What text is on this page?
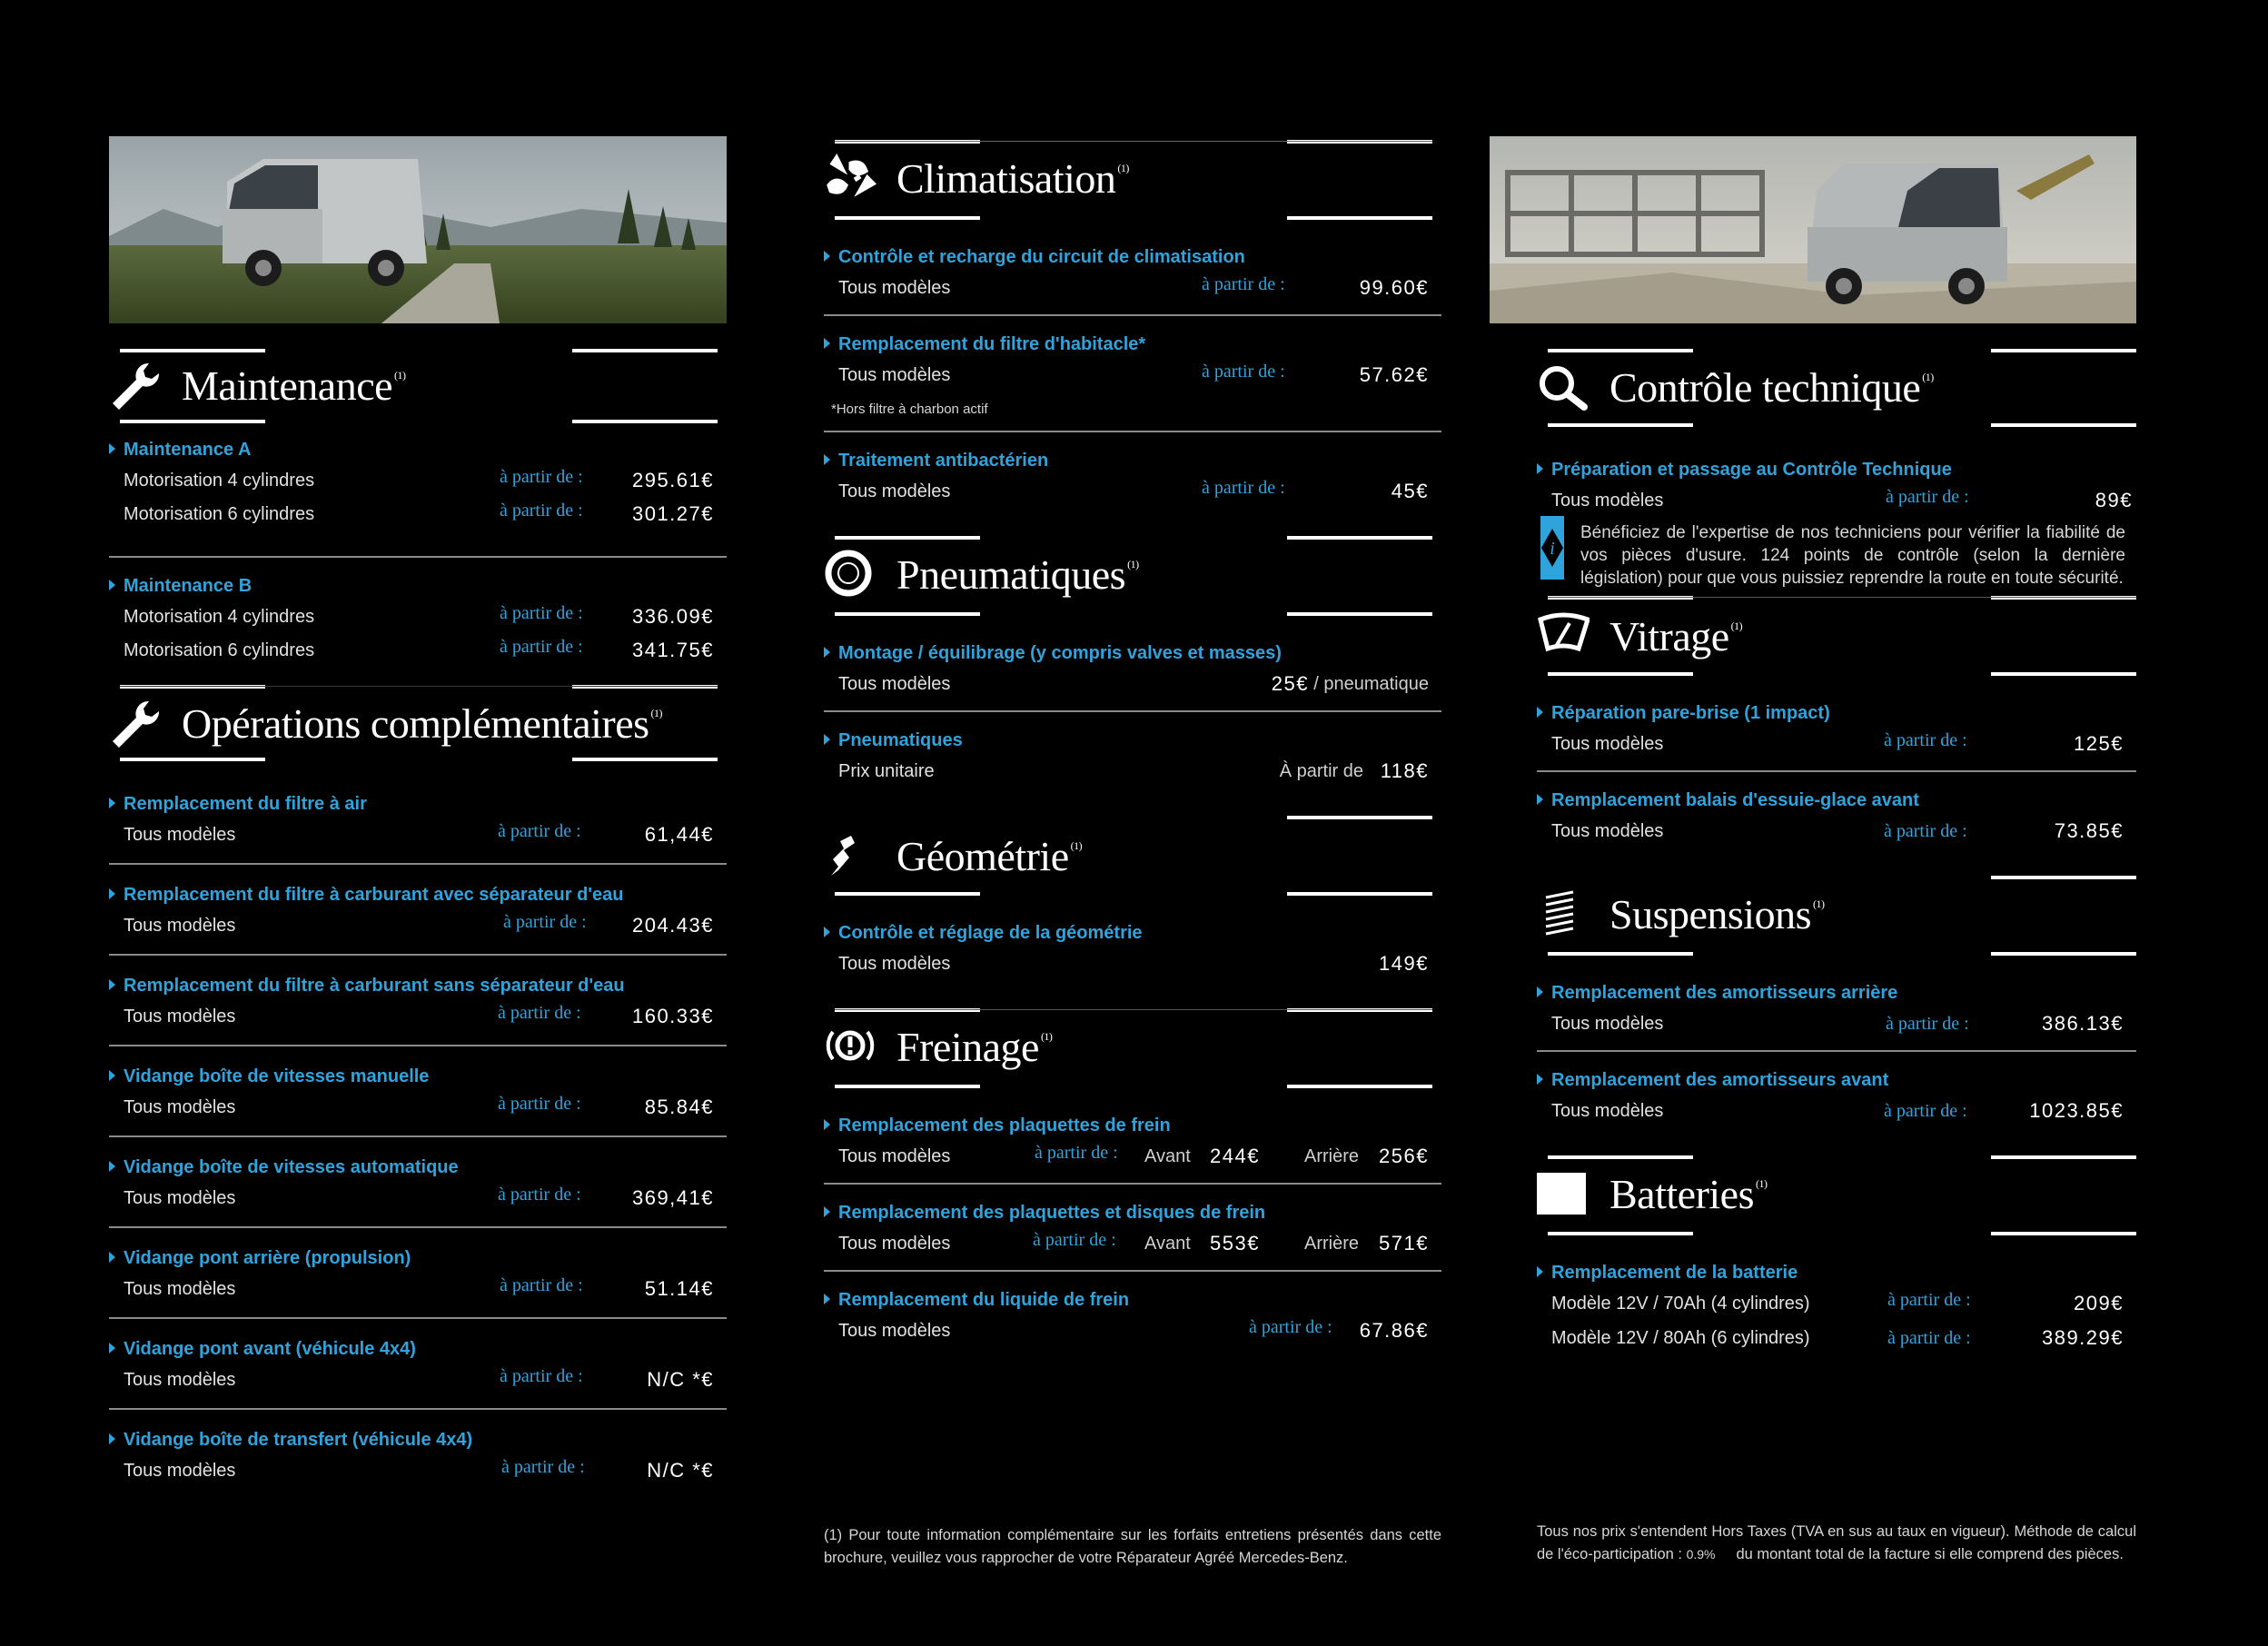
Maintenance $^{(1)}$
Maintenance A
Motorisation 4 cylindres	à partir de : 295.61€
Motorisation 6 cylindres	à partir de : 301.27€
Maintenance B
Motorisation 4 cylindres	à partir de : 336.09€
Motorisation 6 cylindres	à partir de : 341.75€
Opérations complémentaires $^{(1)}$
Remplacement du filtre à air
Tous modèles	à partir de :	61,44€
Remplacement du filtre à carburant avec séparateur d'eau
Tous modèles	à partir de : 204.43€
Remplacement du filtre à carburant sans séparateur d'eau
Tous modèles	à partir de :	160.33€
Vidange boîte de vitesses manuelle
Tous modèles	à partir de :	85.84€
Vidange boîte de vitesses automatique
Tous modèles	à partir de :	369,41€
Vidange pont arrière (propulsion)
Tous modèles	à partir de :	51.14€
Vidange pont avant (véhicule 4x4)
Tous modèles	à partir de :	N/C *€
Vidange boîte de transfert (véhicule 4x4)
Tous modèles	à partir de :	N/C *€
Climatisation $^{(1)}$
Contrôle et recharge du circuit de climatisation
Tous modèles	à partir de :	99.60€
Remplacement du filtre d'habitacle*
Tous modèles	à partir de :	57.62€
*Hors filtre à charbon actif
Traitement antibactérien
Tous modèles	à partir de :	45€
Pneumatiques $^{(1)}$
Montage / équilibrage (y compris valves et masses)
Tous modèles	25€ / pneumatique
Pneumatiques
Prix unitaire	À partir de 118€
Géométrie $^{(1)}$
Contrôle et réglage de la géométrie
Tous modèles	149€
Freinage $^{(1)}$
Remplacement des plaquettes de frein
Tous modèles	à partir de : Avant 244€ Arrière 256€
Remplacement des plaquettes et disques de frein
Tous modèles	à partir de : Avant 553€ Arrière 571€
Remplacement du liquide de frein
Tous modèles	à partir de : 67.86€
(1) Pour toute information complémentaire sur les forfaits entretiens présentés dans cette brochure, veuillez vous rapprocher de votre Réparateur Agréé Mercedes-Benz.
Contrôle technique $^{(1)}$
Préparation et passage au Contrôle Technique
Tous modèles	à partir de :	89€
i
Bénéficiez de l'expertise de nos techniciens pour vérifier la fiabilité de vos pièces d'usure. 124 points de contrôle (selon la dernière législation) pour que vous puissiez reprendre la route en toute sécurité.
Vitrage $^{(1)}$
Réparation pare-brise (1 impact)
Tous modèles	à partir de :	125€
Remplacement balais d'essuie-glace avant
Tous modèles	à partir de :	73.85€
Suspensions $^{(1)}$
Remplacement des amortisseurs arrière
Tous modèles	à partir de :	386.13€
Remplacement des amortisseurs avant
Tous modèles	à partir de :	1023.85€
Batteries $^{(1)}$
Remplacement de la batterie
Modèle 12V / 70Ah (4 cylindres)	à partir de :	209€
Modèle 12V / 80Ah (6 cylindres)	à partir de :	389.29€
Tous nos prix s'entendent Hors Taxes (TVA en sus au taux en vigueur). Méthode de calcul de l'éco-participation : 0.9% du montant total de la facture si elle comprend des pièces.
